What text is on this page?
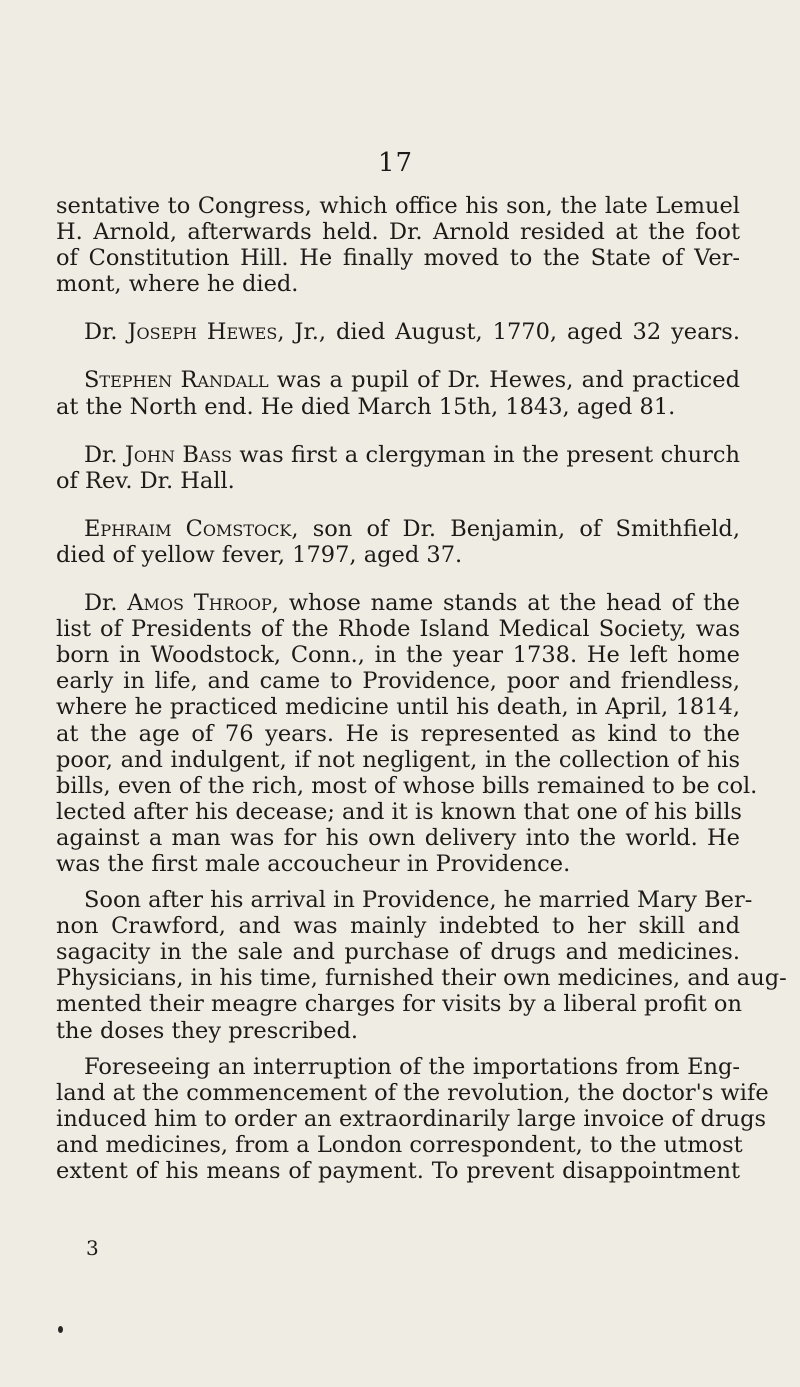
17
sentative to Congress, which office his son, the late Lemuel
H. Arnold, afterwards held. Dr. Arnold resided at the foot
of Constitution Hill. He finally moved to the State of Ver-
mont, where he died.
Dr. Joseph Hewes, Jr., died August, 1770, aged 32 years.
Stephen Randall was a pupil of Dr. Hewes, and practiced
at the North end. He died March 15th, 1843, aged 81.
Dr. John Bass was first a clergyman in the present church
of Rev. Dr. Hall.
Ephraim Comstock, son of Dr. Benjamin, of Smithfield,
died of yellow fever, 1797, aged 37.
Dr. Amos Throop, whose name stands at the head of the
list of Presidents of the Rhode Island Medical Society, was
born in Woodstock, Conn., in the year 1738. He left home
early in life, and came to Providence, poor and friendless,
where he practiced medicine until his death, in April, 1814,
at the age of 76 years. He is represented as kind to the
poor, and indulgent, if not negligent, in the collection of his
bills, even of the rich, most of whose bills remained to be col.
lected after his decease; and it is known that one of his bills
against a man was for his own delivery into the world. He
was the first male accoucheur in Providence.
Soon after his arrival in Providence, he married Mary Ber-
non Crawford, and was mainly indebted to her skill and
sagacity in the sale and purchase of drugs and medicines.
Physicians, in his time, furnished their own medicines, and aug-
mented their meagre charges for visits by a liberal profit on
the doses they prescribed.
Foreseeing an interruption of the importations from Eng-
land at the commencement of the revolution, the doctor's wife
induced him to order an extraordinarily large invoice of drugs
and medicines, from a London correspondent, to the utmost
extent of his means of payment. To prevent disappointment
3
